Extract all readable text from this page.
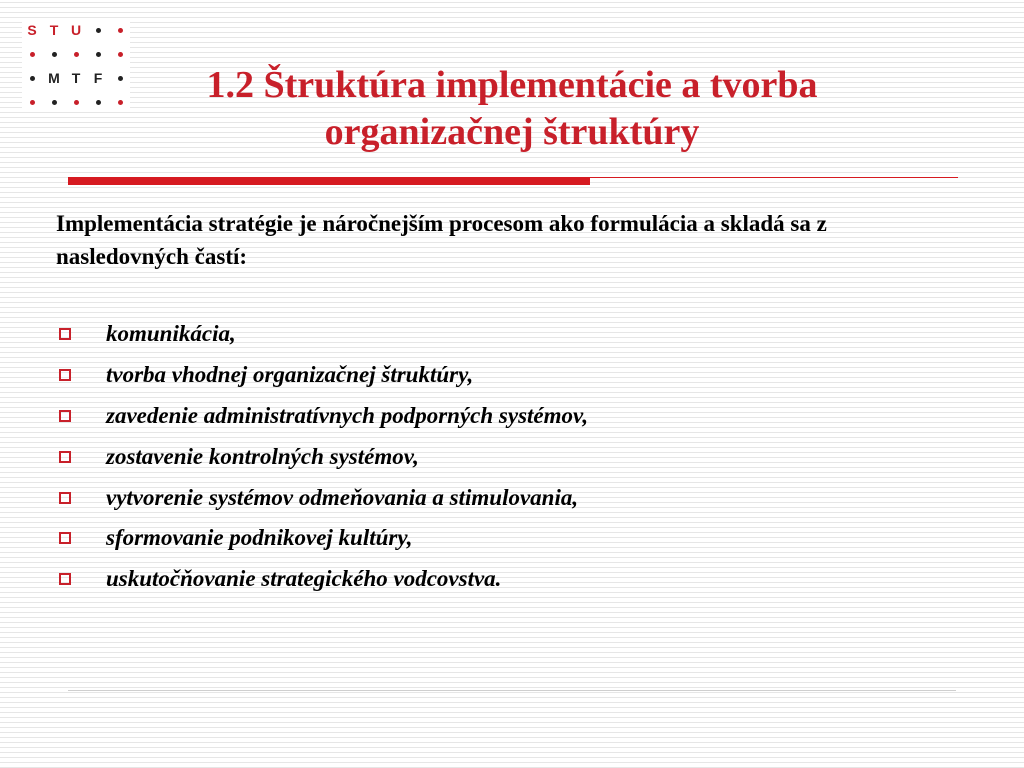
S T U
M T F	1.2 Štruktúra implementácie a tvorba organizačnej štruktúry

Implementácia stratégie je náročnejším procesom ako formulácia a skladá sa z nasledovných častí:

komunikácia,
tvorba vhodnej organizačnej štruktúry,
zavedenie administratívnych podporných systémov,
zostavenie kontrolných systémov,
vytvorenie systémov odmeňovania a stimulovania,
sformovanie podnikovej kultúry,
uskutočňovanie strategického vodcovstva.
